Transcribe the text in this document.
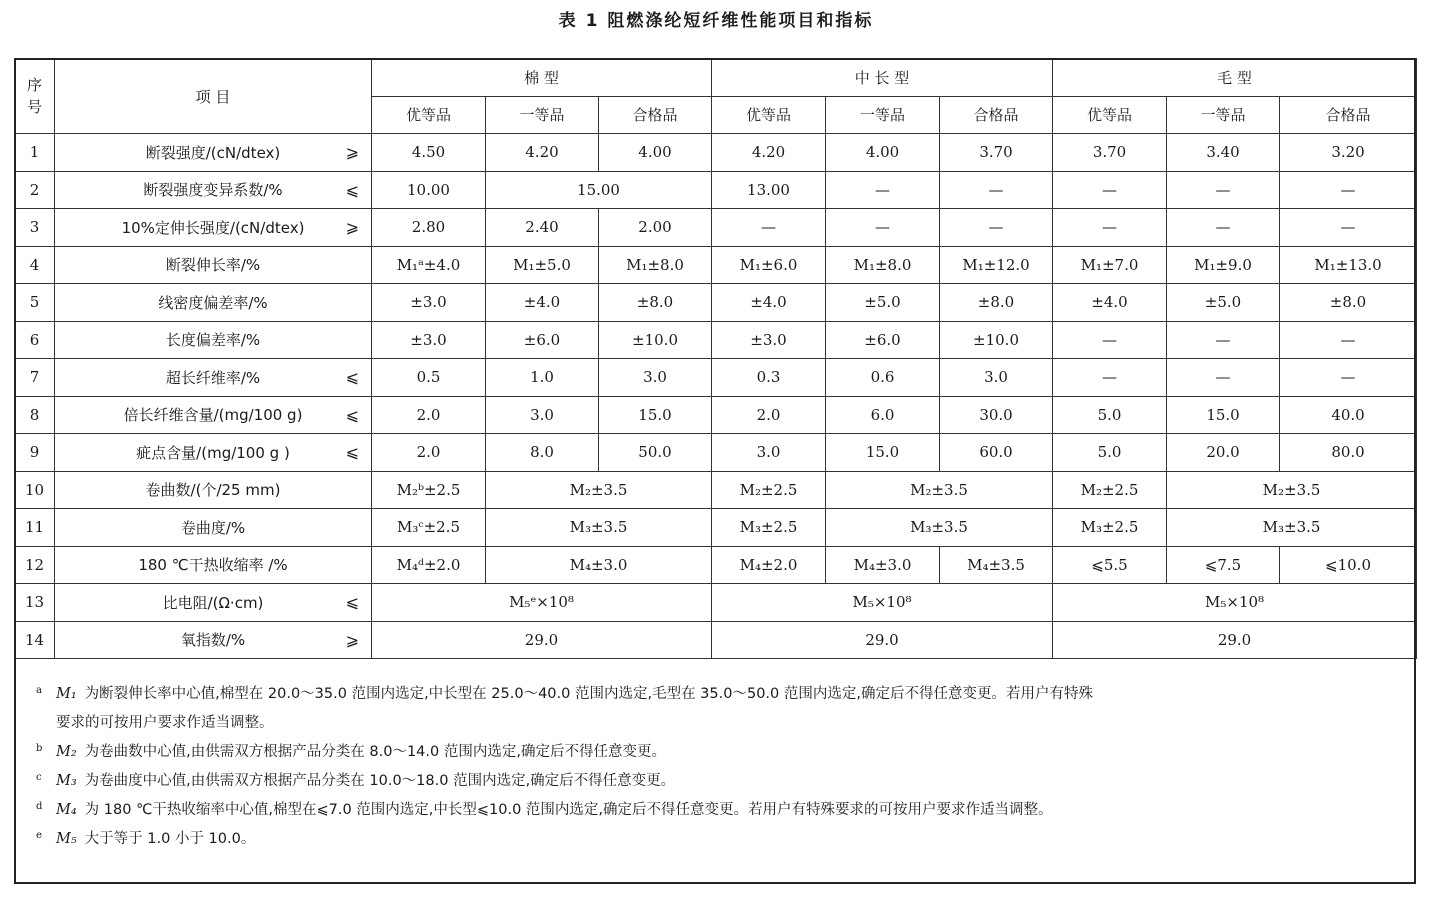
表 1 阻燃涤纶短纤维性能项目和指标
序号	项 目	棉 型			中 长 型			毛 型		
		优等品	一等品	合格品	优等品	一等品	合格品	优等品	一等品	合格品
1	断裂强度/(cN/dtex) ⩾	4.50	4.20	4.00	4.20	4.00	3.70	3.70	3.40	3.20
2	断裂强度变异系数/% ⩽	10.00	15.00		13.00	—	—	—	—	—
3	10%定伸长强度/(cN/dtex) ⩾	2.80	2.40	2.00	—	—	—	—	—	—
4	断裂伸长率/%	M₁ᵃ±4.0	M₁±5.0	M₁±8.0	M₁±6.0	M₁±8.0	M₁±12.0	M₁±7.0	M₁±9.0	M₁±13.0
5	线密度偏差率/%	±3.0	±4.0	±8.0	±4.0	±5.0	±8.0	±4.0	±5.0	±8.0
6	长度偏差率/%	±3.0	±6.0	±10.0	±3.0	±6.0	±10.0	—	—	—
7	超长纤维率/% ⩽	0.5	1.0	3.0	0.3	0.6	3.0	—	—	—
8	倍长纤维含量/(mg/100 g) ⩽	2.0	3.0	15.0	2.0	6.0	30.0	5.0	15.0	40.0
9	疵点含量/(mg/100 g ) ⩽	2.0	8.0	50.0	3.0	15.0	60.0	5.0	20.0	80.0
10	卷曲数/(个/25 mm)	M₂ᵇ±2.5	M₂±3.5		M₂±2.5	M₂±3.5		M₂±2.5	M₂±3.5	
11	卷曲度/%	M₃ᶜ±2.5	M₃±3.5		M₃±2.5	M₃±3.5		M₃±2.5	M₃±3.5	
12	180 ℃干热收缩率 /%	M₄ᵈ±2.0	M₄±3.0		M₄±2.0	M₄±3.0	M₄±3.5	⩽5.5	⩽7.5	⩽10.0
13	比电阻/(Ω·cm) ⩽	M₅ᵉ×10⁸			M₅×10⁸			M₅×10⁸		
14	氧指数/% ⩾	29.0			29.0			29.0		
a M₁ 为断裂伸长率中心值,棉型在 20.0～35.0 范围内选定,中长型在 25.0～40.0 范围内选定,毛型在 35.0～50.0 范围内选定,确定后不得任意变更。若用户有特殊
要求的可按用户要求作适当调整。
b M₂ 为卷曲数中心值,由供需双方根据产品分类在 8.0～14.0 范围内选定,确定后不得任意变更。
c M₃ 为卷曲度中心值,由供需双方根据产品分类在 10.0～18.0 范围内选定,确定后不得任意变更。
d M₄ 为 180 ℃干热收缩率中心值,棉型在⩽7.0 范围内选定,中长型⩽10.0 范围内选定,确定后不得任意变更。若用户有特殊要求的可按用户要求作适当调整。
e M₅ 大于等于 1.0 小于 10.0。
